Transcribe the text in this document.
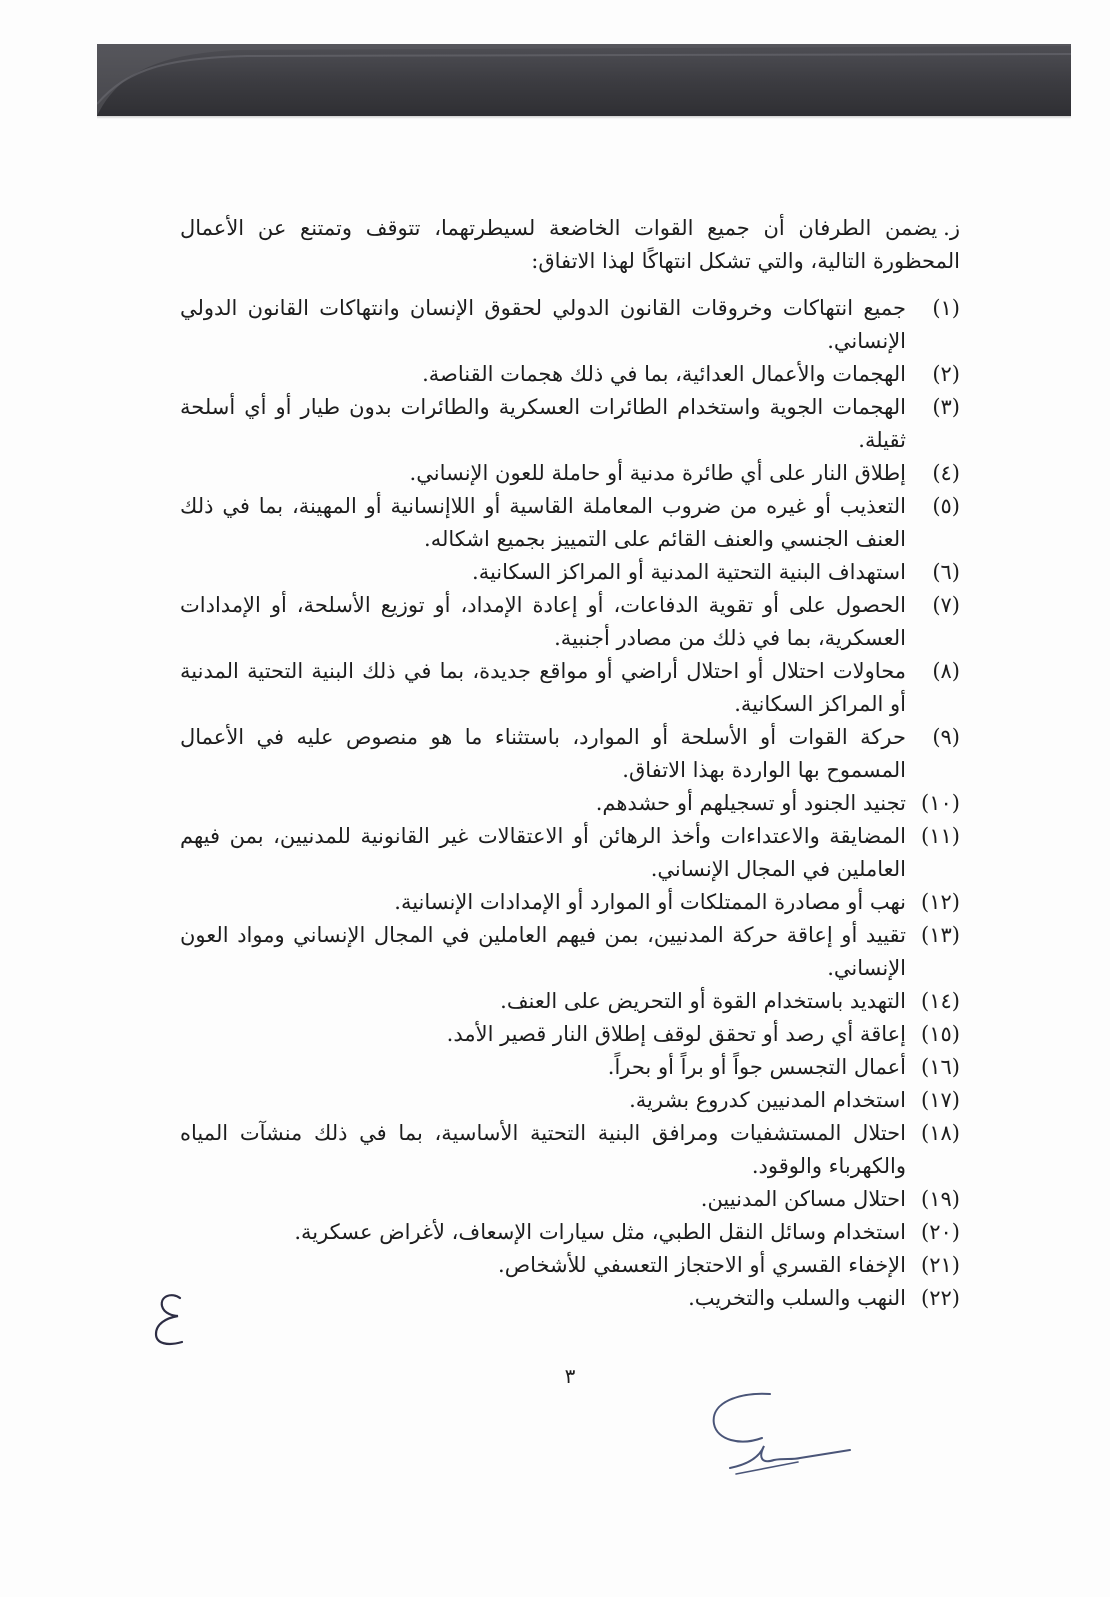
ز.يضمن الطرفان أن جميع القوات الخاضعة لسيطرتهما، تتوقف وتمتنع عن الأعمال المحظورة التالية، والتي تشكل انتهاكًا لهذا الاتفاق:

(١)
جميع انتهاكات وخروقات القانون الدولي لحقوق الإنسان وانتهاكات القانون الدولي الإنساني.
(٢)
الهجمات والأعمال العدائية، بما في ذلك هجمات القناصة.
(٣)
الهجمات الجوية واستخدام الطائرات العسكرية والطائرات بدون طيار أو أي أسلحة ثقيلة.
(٤)
إطلاق النار على أي طائرة مدنية أو حاملة للعون الإنساني.
(٥)
التعذيب أو غيره من ضروب المعاملة القاسية أو اللاإنسانية أو المهينة، بما في ذلك العنف الجنسي والعنف القائم على التمييز بجميع اشكاله.
(٦)
استهداف البنية التحتية المدنية أو المراكز السكانية.
(٧)
الحصول على أو تقوية الدفاعات، أو إعادة الإمداد، أو توزيع الأسلحة، أو الإمدادات العسكرية، بما في ذلك من مصادر أجنبية.
(٨)
محاولات احتلال أو احتلال أراضي أو مواقع جديدة، بما في ذلك البنية التحتية المدنية أو المراكز السكانية.
(٩)
حركة القوات أو الأسلحة أو الموارد، باستثناء ما هو منصوص عليه في الأعمال المسموح بها الواردة بهذا الاتفاق.
(١٠)
تجنيد الجنود أو تسجيلهم أو حشدهم.
(١١)
المضايقة والاعتداءات وأخذ الرهائن أو الاعتقالات غير القانونية للمدنيين، بمن فيهم العاملين في المجال الإنساني.
(١٢)
نهب أو مصادرة الممتلكات أو الموارد أو الإمدادات الإنسانية.
(١٣)
تقييد أو إعاقة حركة المدنيين، بمن فيهم العاملين في المجال الإنساني ومواد العون الإنساني.
(١٤)
التهديد باستخدام القوة أو التحريض على العنف.
(١٥)
إعاقة أي رصد أو تحقق لوقف إطلاق النار قصير الأمد.
(١٦)
أعمال التجسس جواً أو براً أو بحراً.
(١٧)
استخدام المدنيين كدروع بشرية.
(١٨)
احتلال المستشفيات ومرافق البنية التحتية الأساسية، بما في ذلك منشآت المياه والكهرباء والوقود.
(١٩)
احتلال مساكن المدنيين.
(٢٠)
استخدام وسائل النقل الطبي، مثل سيارات الإسعاف، لأغراض عسكرية.
(٢١)
الإخفاء القسري أو الاحتجاز التعسفي للأشخاص.
(٢٢)
النهب والسلب والتخريب.
٣
